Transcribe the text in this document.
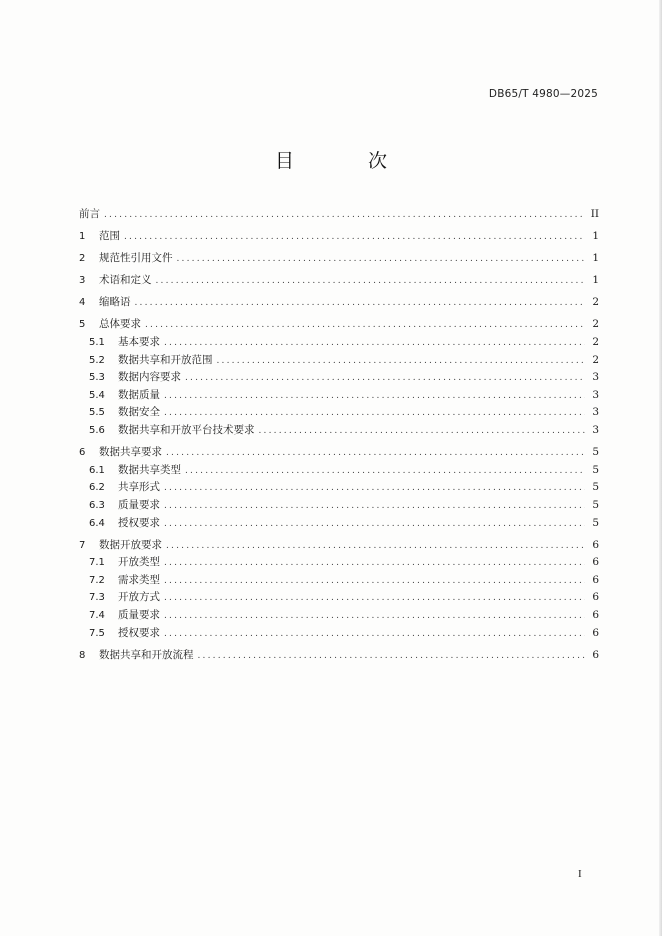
DB65/T 4980—2025
目 次
前言 .....	II
1	范围 .....	1
2	规范性引用文件 .....	1
3	术语和定义 .....	1
4	缩略语 .....	2
5	总体要求 .....	2
5.1	基本要求 .....	2
5.2	数据共享和开放范围 .....	2
5.3	数据内容要求 .....	3
5.4	数据质量 .....	3
5.5	数据安全 .....	3
5.6	数据共享和开放平台技术要求 .....	3
6	数据共享要求 .....	5
6.1	数据共享类型 .....	5
6.2	共享形式 .....	5
6.3	质量要求 .....	5
6.4	授权要求 .....	5
7	数据开放要求 .....	6
7.1	开放类型 .....	6
7.2	需求类型 .....	6
7.3	开放方式 .....	6
7.4	质量要求 .....	6
7.5	授权要求 .....	6
8	数据共享和开放流程 .....	6
I
